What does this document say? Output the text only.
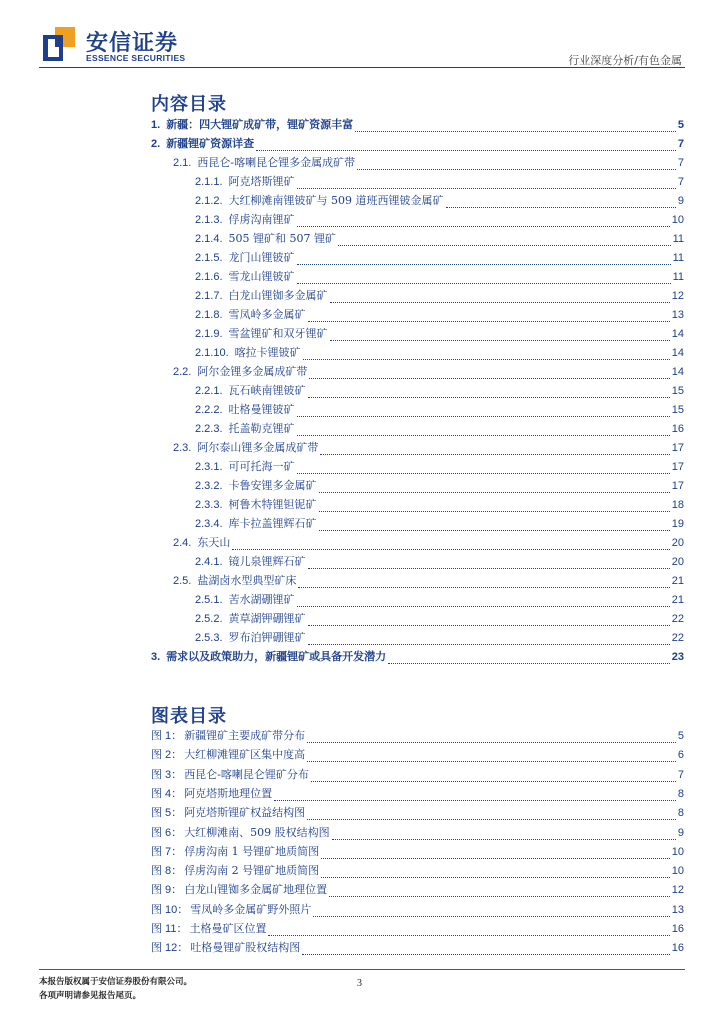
安信证券
ESSENCE SECURITIES	行业深度分析/有色金属
内容目录
1. 新疆：四大锂矿成矿带，锂矿资源丰富	5
2. 新疆锂矿资源详查	7
2.1. 西昆仑-喀喇昆仑锂多金属成矿带	7
2.1.1. 阿克塔斯锂矿	7
2.1.2. 大红柳滩南锂铍矿与 509 道班西锂铍金属矿	9
2.1.3. 俘虏沟南锂矿	10
2.1.4. 505 锂矿和 507 锂矿	11
2.1.5. 龙门山锂铍矿	11
2.1.6. 雪龙山锂铍矿	11
2.1.7. 白龙山锂铷多金属矿	12
2.1.8. 雪凤岭多金属矿	13
2.1.9. 雪盆锂矿和双牙锂矿	14
2.1.10. 喀拉卡锂铍矿	14
2.2. 阿尔金锂多金属成矿带	14
2.2.1. 瓦石峡南锂铍矿	15
2.2.2. 吐格曼锂铍矿	15
2.2.3. 托盖勒克锂矿	16
2.3. 阿尔泰山锂多金属成矿带	17
2.3.1. 可可托海一矿	17
2.3.2. 卡鲁安锂多金属矿	17
2.3.3. 柯鲁木特锂钽铌矿	18
2.3.4. 库卡拉盖锂辉石矿	19
2.4. 东天山	20
2.4.1. 镜儿泉锂辉石矿	20
2.5. 盐湖卤水型典型矿床	21
2.5.1. 苦水湖硼锂矿	21
2.5.2. 黄草湖钾硼锂矿	22
2.5.3. 罗布泊钾硼锂矿	22
3. 需求以及政策助力，新疆锂矿或具备开发潜力	23
图表目录
图 1： 新疆锂矿主要成矿带分布	5
图 2： 大红柳滩锂矿区集中度高	6
图 3： 西昆仑-喀喇昆仑锂矿分布	7
图 4： 阿克塔斯地理位置	8
图 5： 阿克塔斯锂矿权益结构图	8
图 6： 大红柳滩南、509 股权结构图	9
图 7： 俘虏沟南 1 号锂矿地质简图	10
图 8： 俘虏沟南 2 号锂矿地质简图	10
图 9： 白龙山锂铷多金属矿地理位置	12
图 10： 雪凤岭多金属矿野外照片	13
图 11： 土格曼矿区位置	16
图 12： 吐格曼锂矿股权结构图	16
本报告版权属于安信证券股份有限公司。
各项声明请参见报告尾页。
3
